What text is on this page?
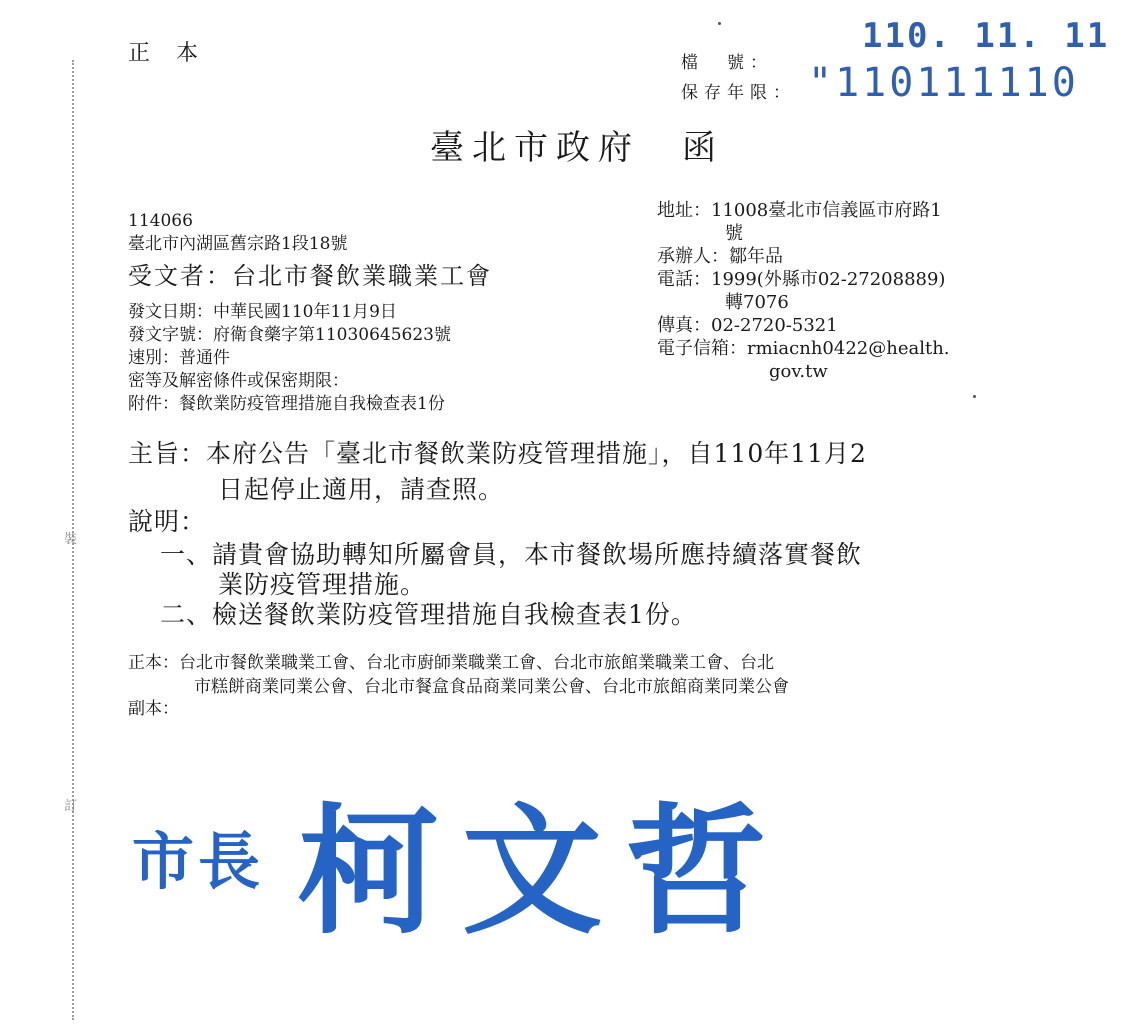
裝
訂
正本	檔　號：
保存年限：
110. 11. 11
"110111110
臺北市政府　函
114066
臺北市內湖區舊宗路1段18號
受文者：台北市餐飲業職業工會
地址：11008臺北市信義區市府路1
號
承辦人：鄒年品
電話：1999(外縣市02-27208889)
轉7076
傳真：02-2720-5321
電子信箱：rmiacnh0422@health.
gov.tw
發文日期：中華民國110年11月9日
發文字號：府衛食藥字第11030645623號
速別：普通件
密等及解密條件或保密期限：
附件：餐飲業防疫管理措施自我檢查表1份
主旨：本府公告「臺北市餐飲業防疫管理措施」，自110年11月2
日起停止適用，請查照。
說明：
一、請貴會協助轉知所屬會員，本市餐飲場所應持續落實餐飲
業防疫管理措施。
二、檢送餐飲業防疫管理措施自我檢查表1份。
正本：台北市餐飲業職業工會、台北市廚師業職業工會、台北市旅館業職業工會、台北
市糕餅商業同業公會、台北市餐盒食品商業同業公會、台北市旅館商業同業公會
副本：
市長 柯文哲
